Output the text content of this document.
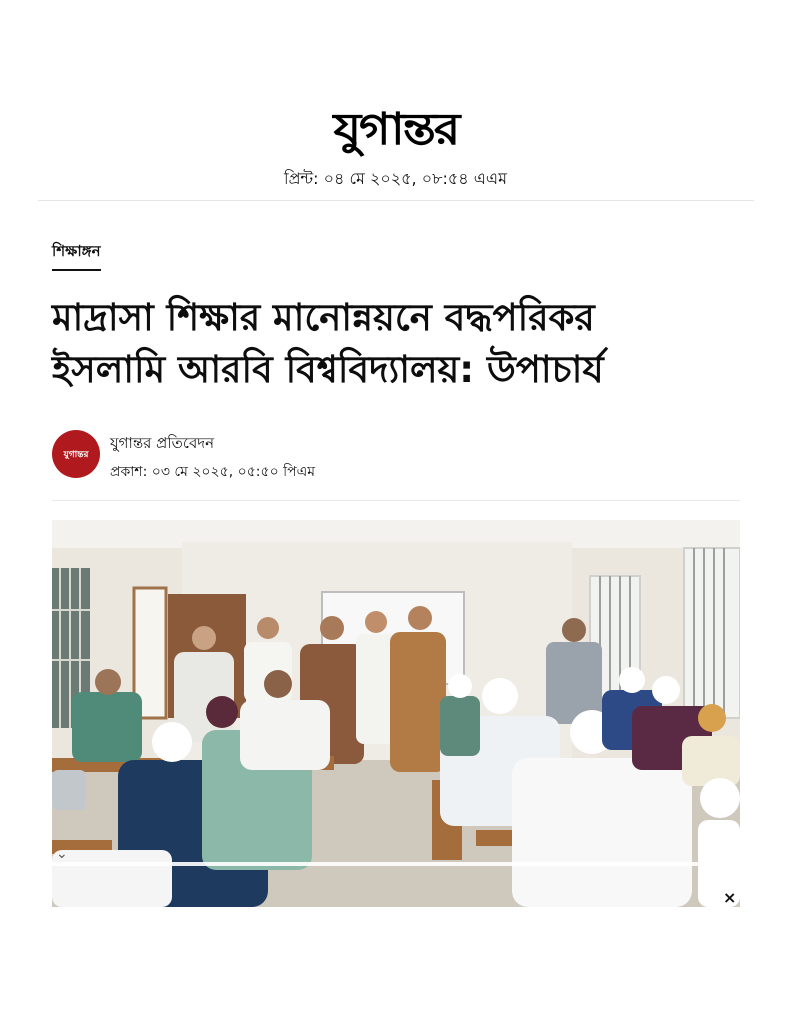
যুগান্তর
প্রিন্ট: ০৪ মে ২০২৫, ০৮:৫৪ এএম
শিক্ষাঙ্গন
মাদ্রাসা শিক্ষার মানোন্নয়নে বদ্ধপরিকর
ইসলামি আরবি বিশ্ববিদ্যালয়: উপাচার্য
যুগান্তর
যুগান্তর প্রতিবেদন
প্রকাশ: ০৩ মে ২০২৫, ০৫:৫০ পিএম
⌄
×
